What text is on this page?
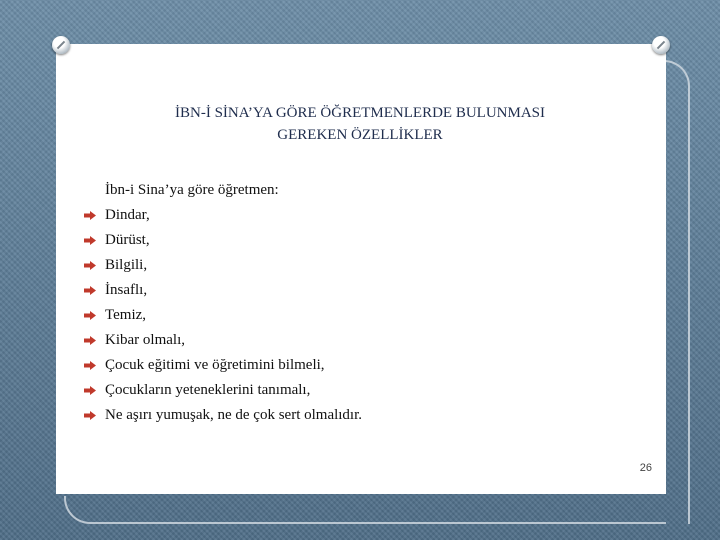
İBN-İ SİNA’YA GÖRE ÖĞRETMENLERDE BULUNMASI
GEREKEN ÖZELLİKLER
İbn-i Sina’ya göre öğretmen:
Dindar,
Dürüst,
Bilgili,
İnsaflı,
Temiz,
Kibar olmalı,
Çocuk eğitimi ve öğretimini bilmeli,
Çocukların yeteneklerini tanımalı,
Ne aşırı yumuşak, ne de çok sert olmalıdır.
26
